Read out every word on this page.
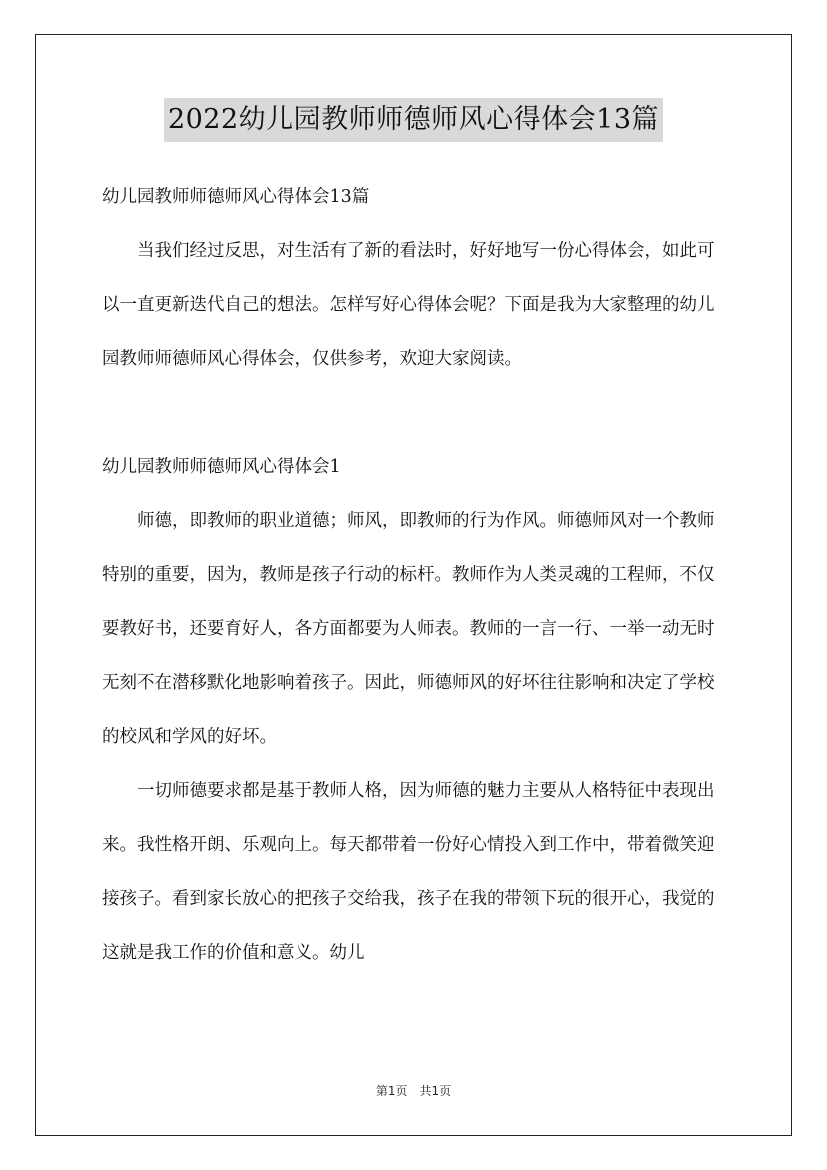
2022幼儿园教师师德师风心得体会13篇

幼儿园教师师德师风心得体会13篇

当我们经过反思，对生活有了新的看法时，好好地写一份心得体会，如此可以一直更新迭代自己的想法。怎样写好心得体会呢？下面是我为大家整理的幼儿园教师师德师风心得体会，仅供参考，欢迎大家阅读。

幼儿园教师师德师风心得体会1

师德，即教师的职业道德；师风，即教师的行为作风。师德师风对一个教师特别的重要，因为，教师是孩子行动的标杆。教师作为人类灵魂的工程师，不仅要教好书，还要育好人，各方面都要为人师表。教师的一言一行、一举一动无时无刻不在潜移默化地影响着孩子。因此，师德师风的好坏往往影响和决定了学校的校风和学风的好坏。

一切师德要求都是基于教师人格，因为师德的魅力主要从人格特征中表现出来。我性格开朗、乐观向上。每天都带着一份好心情投入到工作中，带着微笑迎接孩子。看到家长放心的把孩子交给我，孩子在我的带领下玩的很开心，我觉的这就是我工作的价值和意义。幼儿

第1页　共1页
